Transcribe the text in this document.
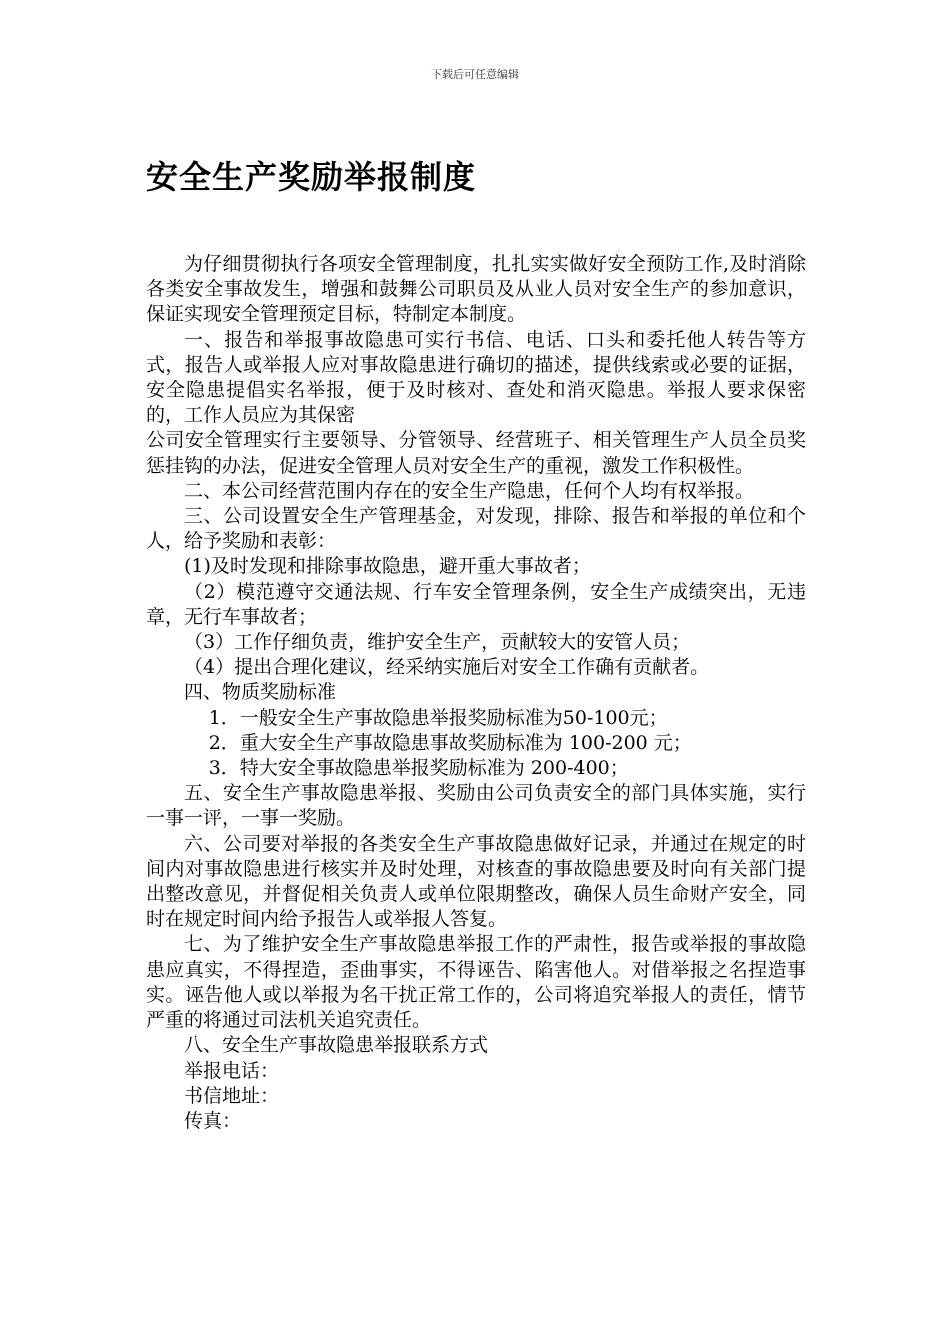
下载后可任意编辑
安全生产奖励举报制度

为仔细贯彻执行各项安全管理制度，扎扎实实做好安全预防工作,及时消除各类安全事故发生，增强和鼓舞公司职员及从业人员对安全生产的参加意识，保证实现安全管理预定目标，特制定本制度。

一、报告和举报事故隐患可实行书信、电话、口头和委托他人转告等方式，报告人或举报人应对事故隐患进行确切的描述，提供线索或必要的证据，安全隐患提倡实名举报，便于及时核对、查处和消灭隐患。举报人要求保密的，工作人员应为其保密

公司安全管理实行主要领导、分管领导、经营班子、相关管理生产人员全员奖惩挂钩的办法，促进安全管理人员对安全生产的重视，激发工作积极性。

二、本公司经营范围内存在的安全生产隐患，任何个人均有权举报。

三、公司设置安全生产管理基金，对发现，排除、报告和举报的单位和个人，给予奖励和表彰：

(1)及时发现和排除事故隐患，避开重大事故者；

（2）模范遵守交通法规、行车安全管理条例，安全生产成绩突出，无违章，无行车事故者；

（3）工作仔细负责，维护安全生产，贡献较大的安管人员；

（4）提出合理化建议，经采纳实施后对安全工作确有贡献者。

四、物质奖励标准

1．一般安全生产事故隐患举报奖励标准为50-100元；

2．重大安全生产事故隐患事故奖励标准为 100-200 元；

3．特大安全事故隐患举报奖励标准为 200-400；

五、安全生产事故隐患举报、奖励由公司负责安全的部门具体实施，实行一事一评，一事一奖励。

六、公司要对举报的各类安全生产事故隐患做好记录，并通过在规定的时间内对事故隐患进行核实并及时处理，对核查的事故隐患要及时向有关部门提出整改意见，并督促相关负责人或单位限期整改，确保人员生命财产安全，同时在规定时间内给予报告人或举报人答复。

七、为了维护安全生产事故隐患举报工作的严肃性，报告或举报的事故隐患应真实，不得捏造，歪曲事实，不得诬告、陷害他人。对借举报之名捏造事实。诬告他人或以举报为名干扰正常工作的，公司将追究举报人的责任，情节严重的将通过司法机关追究责任。

八、安全生产事故隐患举报联系方式

举报电话：

书信地址：

传真：
